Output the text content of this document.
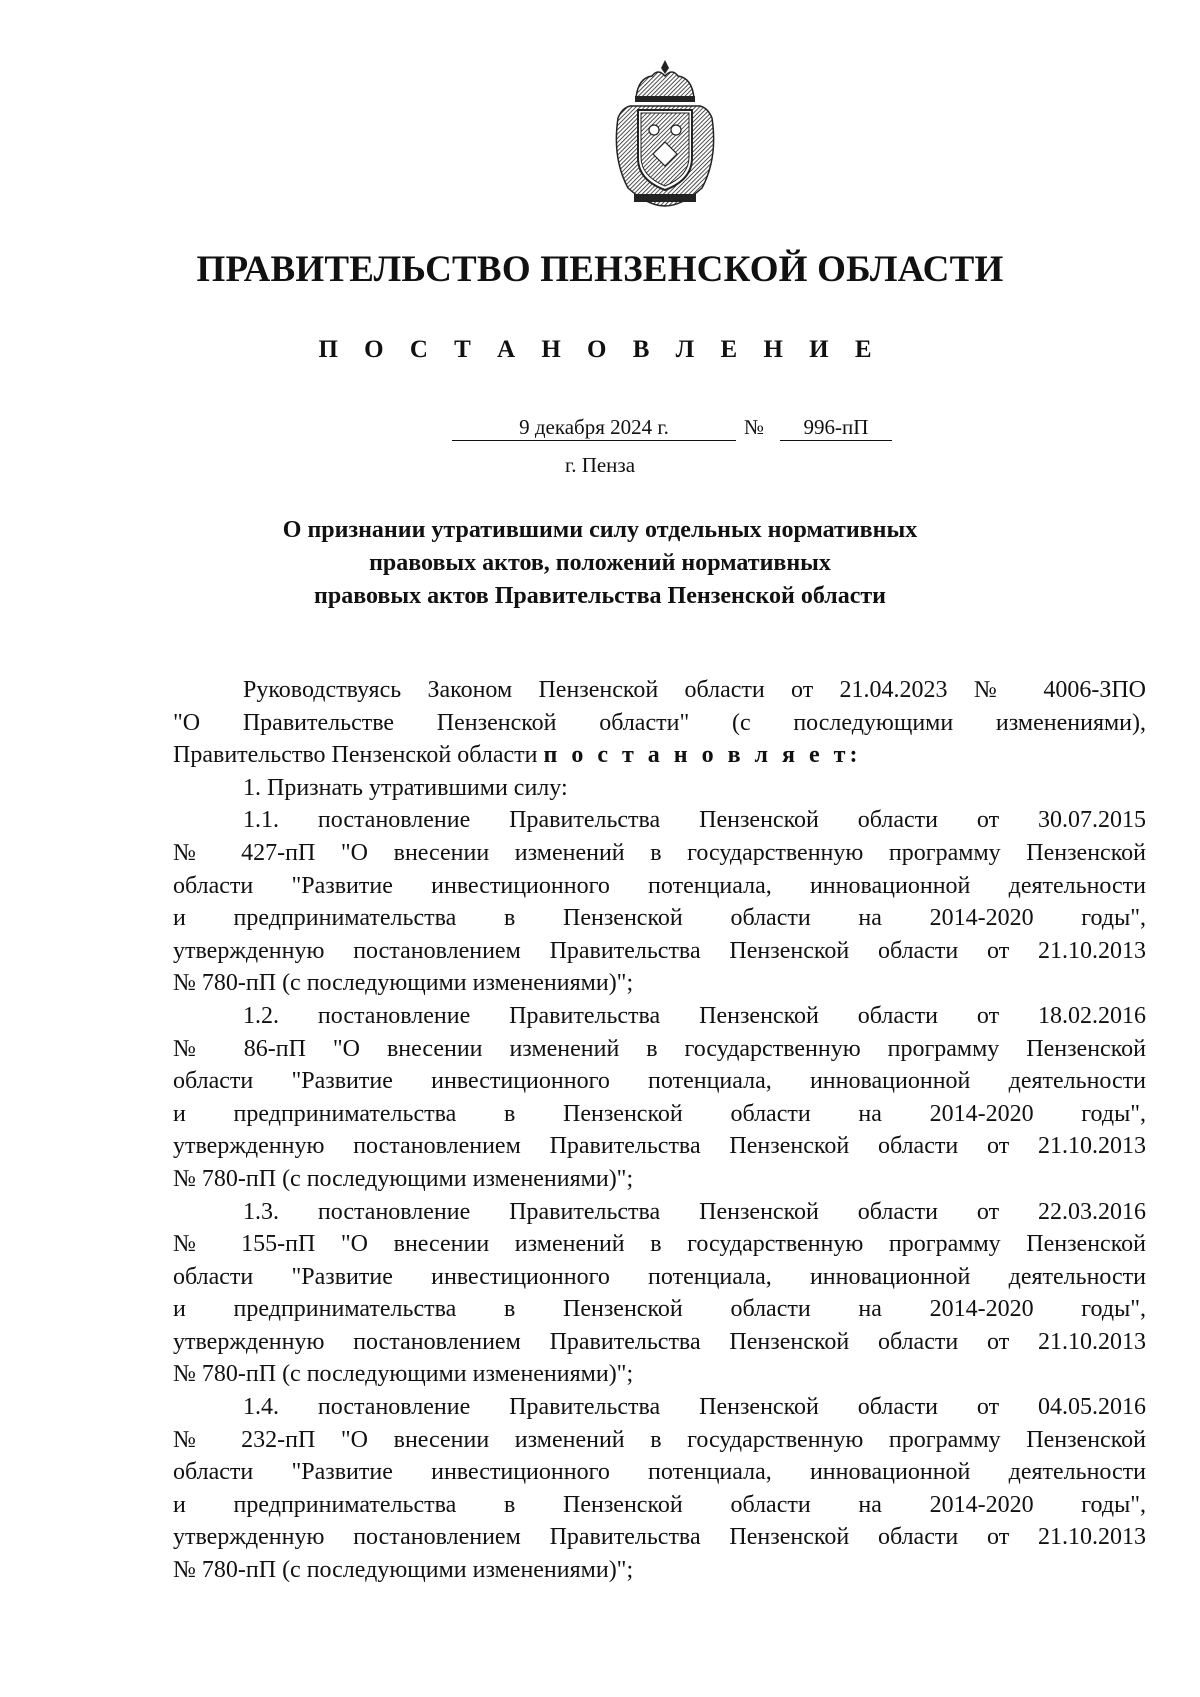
ПРАВИТЕЛЬСТВО ПЕНЗЕНСКОЙ ОБЛАСТИ
П О С Т А Н О В Л Е Н И Е
9 декабря 2024 г.	№	996-пП
г. Пенза
О признании утратившими силу отдельных нормативных
правовых актов, положений нормативных
правовых актов Правительства Пензенской области
Руководствуясь Законом Пензенской области от 21.04.2023 № 4006-ЗПО
"О Правительстве Пензенской области" (с последующими изменениями),
Правительство Пензенской области п о с т а н о в л я е т:
1. Признать утратившими силу:
1.1. постановление Правительства Пензенской области от 30.07.2015
№ 427-пП "О внесении изменений в государственную программу Пензенской
области "Развитие инвестиционного потенциала, инновационной деятельности
и предпринимательства в Пензенской области на 2014-2020 годы",
утвержденную постановлением Правительства Пензенской области от 21.10.2013
№ 780-пП (с последующими изменениями)";
1.2. постановление Правительства Пензенской области от 18.02.2016
№ 86-пП "О внесении изменений в государственную программу Пензенской
области "Развитие инвестиционного потенциала, инновационной деятельности
и предпринимательства в Пензенской области на 2014-2020 годы",
утвержденную постановлением Правительства Пензенской области от 21.10.2013
№ 780-пП (с последующими изменениями)";
1.3. постановление Правительства Пензенской области от 22.03.2016
№ 155-пП "О внесении изменений в государственную программу Пензенской
области "Развитие инвестиционного потенциала, инновационной деятельности
и предпринимательства в Пензенской области на 2014-2020 годы",
утвержденную постановлением Правительства Пензенской области от 21.10.2013
№ 780-пП (с последующими изменениями)";
1.4. постановление Правительства Пензенской области от 04.05.2016
№ 232-пП "О внесении изменений в государственную программу Пензенской
области "Развитие инвестиционного потенциала, инновационной деятельности
и предпринимательства в Пензенской области на 2014-2020 годы",
утвержденную постановлением Правительства Пензенской области от 21.10.2013
№ 780-пП (с последующими изменениями)";
